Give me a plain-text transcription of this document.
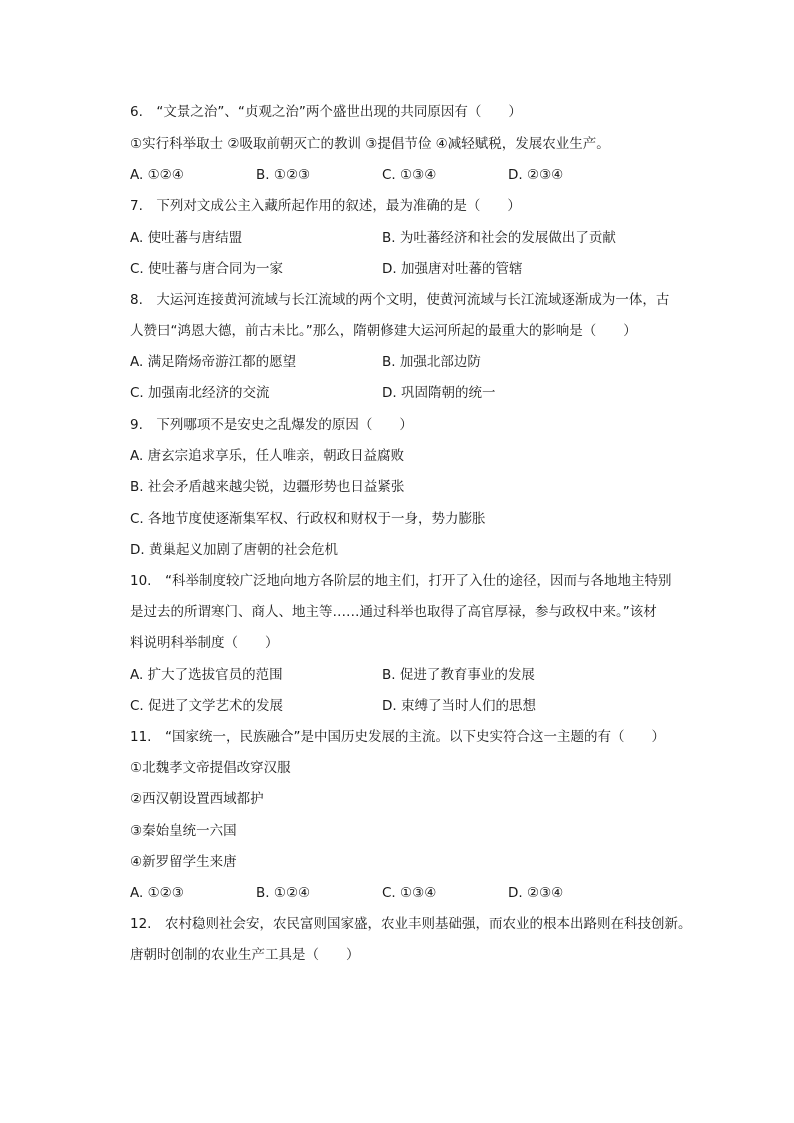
6.　“文景之治”、“贞观之治”两个盛世出现的共同原因有（　　）
①实行科举取士 ②吸取前朝灭亡的教训 ③提倡节俭 ④减轻赋税，发展农业生产。
A. ①②④	B. ①②③	C. ①③④	D. ②③④
7.　下列对文成公主入藏所起作用的叙述，最为准确的是（　　）
A. 使吐蕃与唐结盟	B. 为吐蕃经济和社会的发展做出了贡献
C. 使吐蕃与唐合同为一家	D. 加强唐对吐蕃的管辖
8.　大运河连接黄河流域与长江流域的两个文明，使黄河流域与长江流域逐渐成为一体，古
人赞曰“鸿恩大德，前古未比。”那么，隋朝修建大运河所起的最重大的影响是（　　）
A. 满足隋炀帝游江都的愿望	B. 加强北部边防
C. 加强南北经济的交流	D. 巩固隋朝的统一
9.　下列哪项不是安史之乱爆发的原因（　　）
A. 唐玄宗追求享乐，任人唯亲，朝政日益腐败
B. 社会矛盾越来越尖锐，边疆形势也日益紧张
C. 各地节度使逐渐集军权、行政权和财权于一身，势力膨胀
D. 黄巢起义加剧了唐朝的社会危机
10.　“科举制度较广泛地向地方各阶层的地主们，打开了入仕的途径，因而与各地地主特别
是过去的所谓寒门、商人、地主等……通过科举也取得了高官厚禄，参与政权中来。”该材
料说明科举制度（　　）
A. 扩大了选拔官员的范围	B. 促进了教育事业的发展
C. 促进了文学艺术的发展	D. 束缚了当时人们的思想
11.　“国家统一，民族融合”是中国历史发展的主流。以下史实符合这一主题的有（　　）
①北魏孝文帝提倡改穿汉服
②西汉朝设置西域都护
③秦始皇统一六国
④新罗留学生来唐
A. ①②③	B. ①②④	C. ①③④	D. ②③④
12.　农村稳则社会安，农民富则国家盛，农业丰则基础强，而农业的根本出路则在科技创新。
唐朝时创制的农业生产工具是（　　）
